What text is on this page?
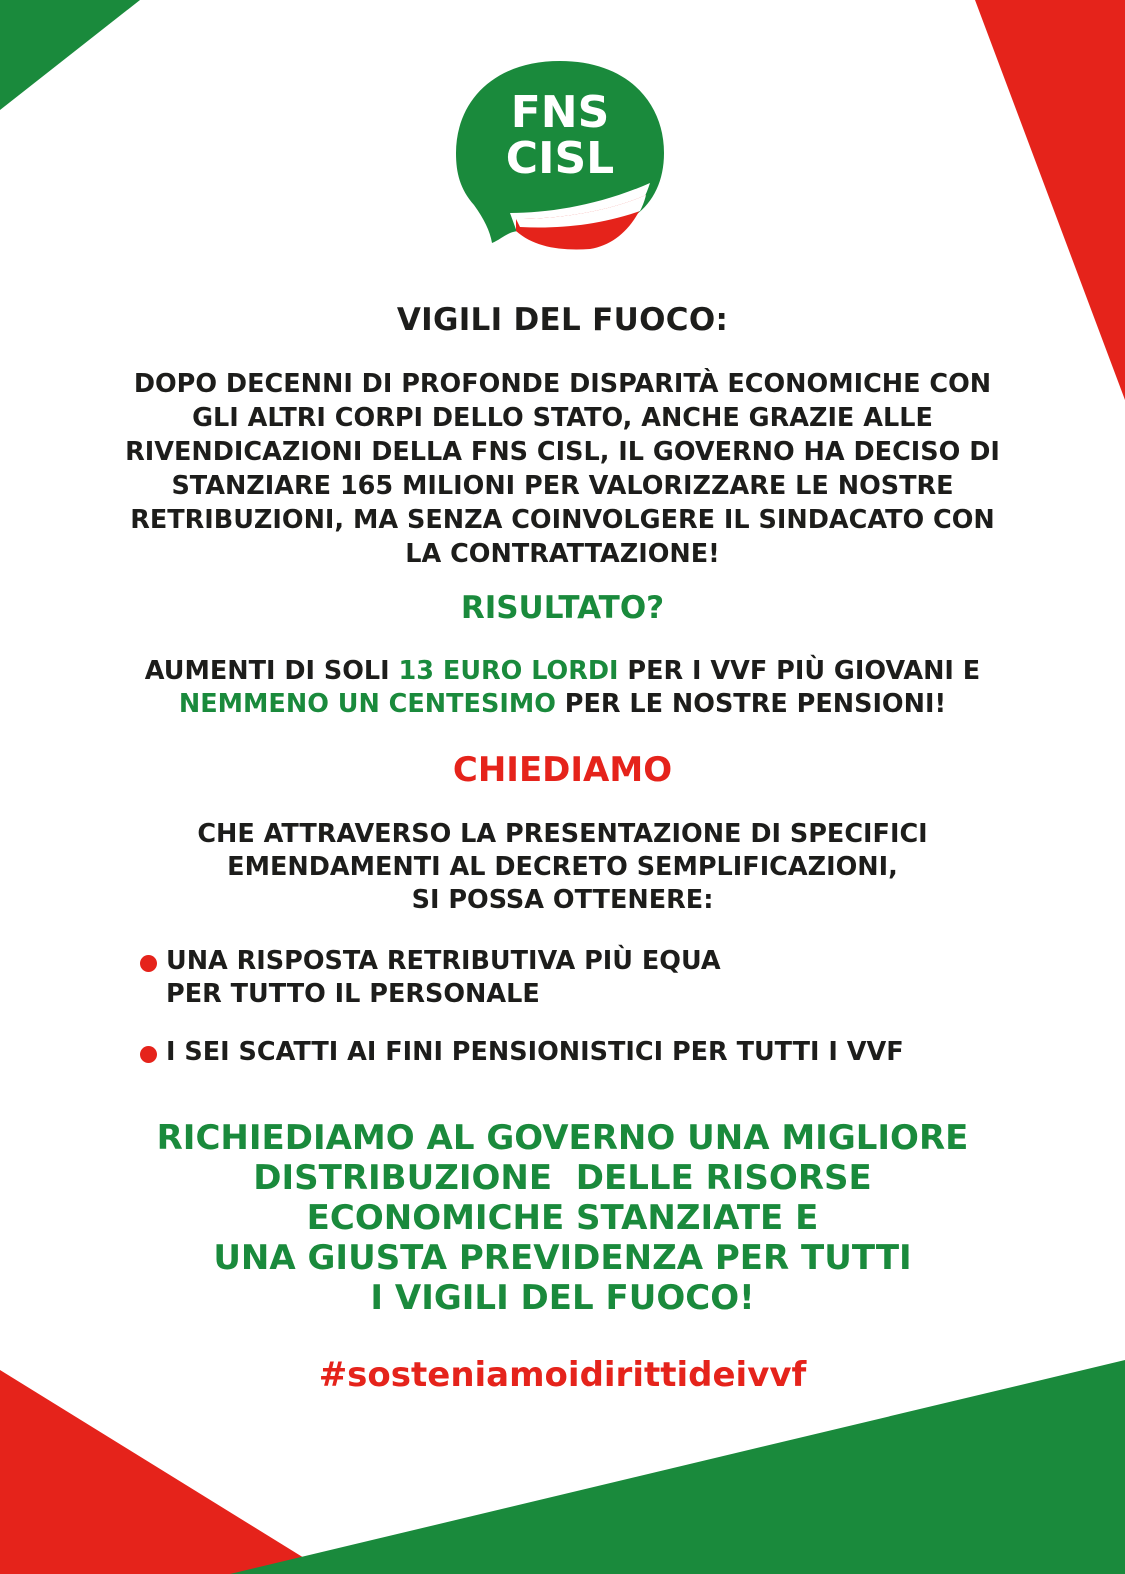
FNS
CISL
VIGILI DEL FUOCO:
DOPO DECENNI DI PROFONDE DISPARITÀ ECONOMICHE CON
GLI ALTRI CORPI DELLO STATO, ANCHE GRAZIE ALLE
RIVENDICAZIONI DELLA FNS CISL, IL GOVERNO HA DECISO DI
STANZIARE 165 MILIONI PER VALORIZZARE LE NOSTRE
RETRIBUZIONI, MA SENZA COINVOLGERE IL SINDACATO CON
LA CONTRATTAZIONE!
RISULTATO?
AUMENTI DI SOLI 13 EURO LORDI PER I VVF PIÙ GIOVANI E
NEMMENO UN CENTESIMO PER LE NOSTRE PENSIONI!
CHIEDIAMO
CHE ATTRAVERSO LA PRESENTAZIONE DI SPECIFICI
EMENDAMENTI AL DECRETO SEMPLIFICAZIONI,
SI POSSA OTTENERE:
UNA RISPOSTA RETRIBUTIVA PIÙ EQUA
PER TUTTO IL PERSONALE
I SEI SCATTI AI FINI PENSIONISTICI PER TUTTI I VVF
RICHIEDIAMO AL GOVERNO UNA MIGLIORE
DISTRIBUZIONE  DELLE RISORSE
ECONOMICHE STANZIATE E
UNA GIUSTA PREVIDENZA PER TUTTI
I VIGILI DEL FUOCO!
#sosteniamoidirittideivvf
